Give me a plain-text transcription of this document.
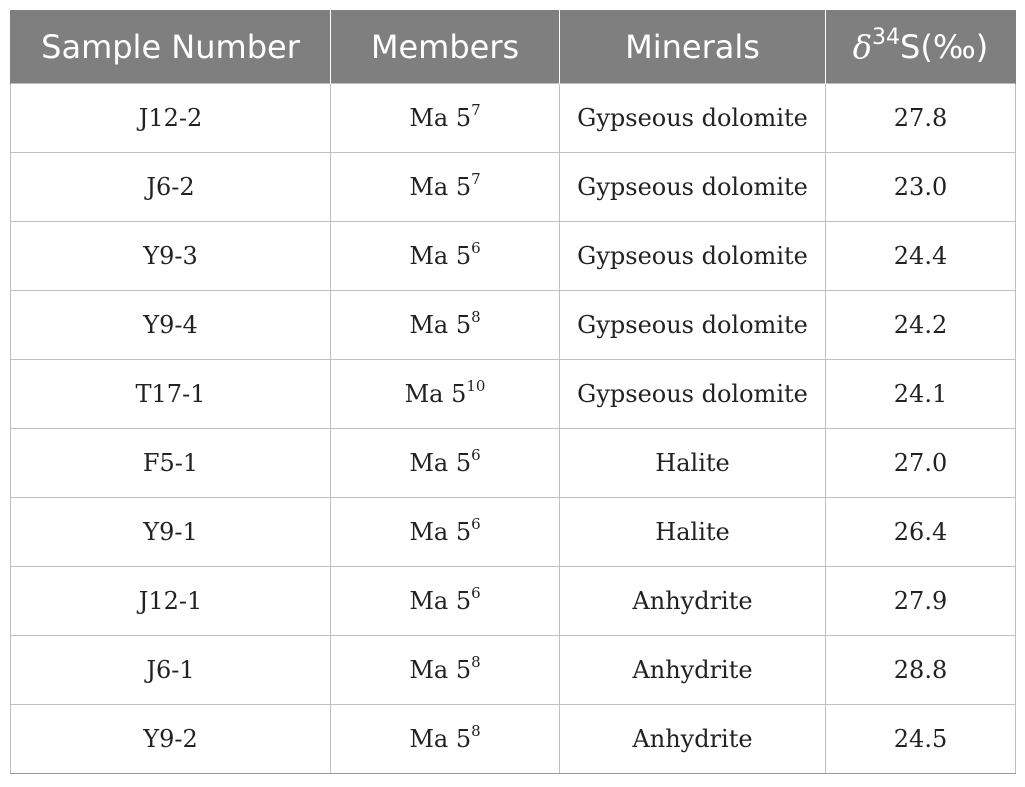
Sample Number	Members	Minerals	$\delta^{34}S(‰)$
J12-2	Ma $5^7$	Gypseous dolomite	27.8
J6-2	Ma $5^7$	Gypseous dolomite	23.0
Y9-3	Ma $5^6$	Gypseous dolomite	24.4
Y9-4	Ma $5^8$	Gypseous dolomite	24.2
T17-1	Ma $5^{10}$	Gypseous dolomite	24.1
F5-1	Ma $5^6$	Halite	27.0
Y9-1	Ma $5^6$	Halite	26.4
J12-1	Ma $5^6$	Anhydrite	27.9
J6-1	Ma $5^8$	Anhydrite	28.8
Y9-2	Ma $5^8$	Anhydrite	24.5
